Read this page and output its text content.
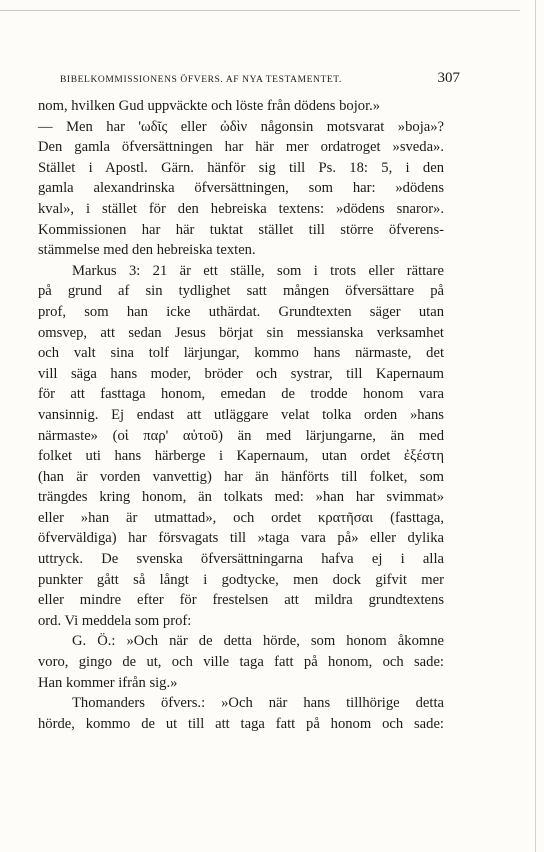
BIBELKOMMISSIONENS ÖFVERS. AF NYA TESTAMENTET.	307
nom, hvilken Gud uppväckte och löste från dödens bojor.»
— Men har 'ωδῖς eller ὠδὶν någonsin motsvarat »boja»?
Den gamla öfversättningen har här mer ordatroget »sveda».
Stället i Apostl. Gärn. hänför sig till Ps. 18: 5, i den
gamla alexandrinska öfversättningen, som har: »dödens
kval», i stället för den hebreiska textens: »dödens snaror».
Kommissionen har här tuktat stället till större öfverens-
stämmelse med den hebreiska texten.
Markus 3: 21 är ett ställe, som i trots eller rättare
på grund af sin tydlighet satt mången öfversättare på
prof, som han icke uthärdat. Grundtexten säger utan
omsvep, att sedan Jesus börjat sin messianska verksamhet
och valt sina tolf lärjungar, kommo hans närmaste, det
vill säga hans moder, bröder och systrar, till Kapernaum
för att fasttaga honom, emedan de trodde honom vara
vansinnig. Ej endast att utläggare velat tolka orden »hans
närmaste» (οἱ παρ' αὐτοῦ) än med lärjungarne, än med
folket uti hans härberge i Kapernaum, utan ordet ἐξέστη
(han är vorden vanvettig) har än hänförts till folket, som
trängdes kring honom, än tolkats med: »han har svimmat»
eller »han är utmattad», och ordet κρατῆσαι (fasttaga,
öfverväldiga) har försvagats till »taga vara på» eller dylika
uttryck. De svenska öfversättningarna hafva ej i alla
punkter gått så långt i godtycke, men dock gifvit mer
eller mindre efter för frestelsen att mildra grundtextens
ord. Vi meddela som prof:
G. Ö.: »Och när de detta hörde, som honom åkomne
voro, gingo de ut, och ville taga fatt på honom, och sade:
Han kommer ifrån sig.»
Thomanders öfvers.: »Och när hans tillhörige detta
hörde, kommo de ut till att taga fatt på honom och sade:
